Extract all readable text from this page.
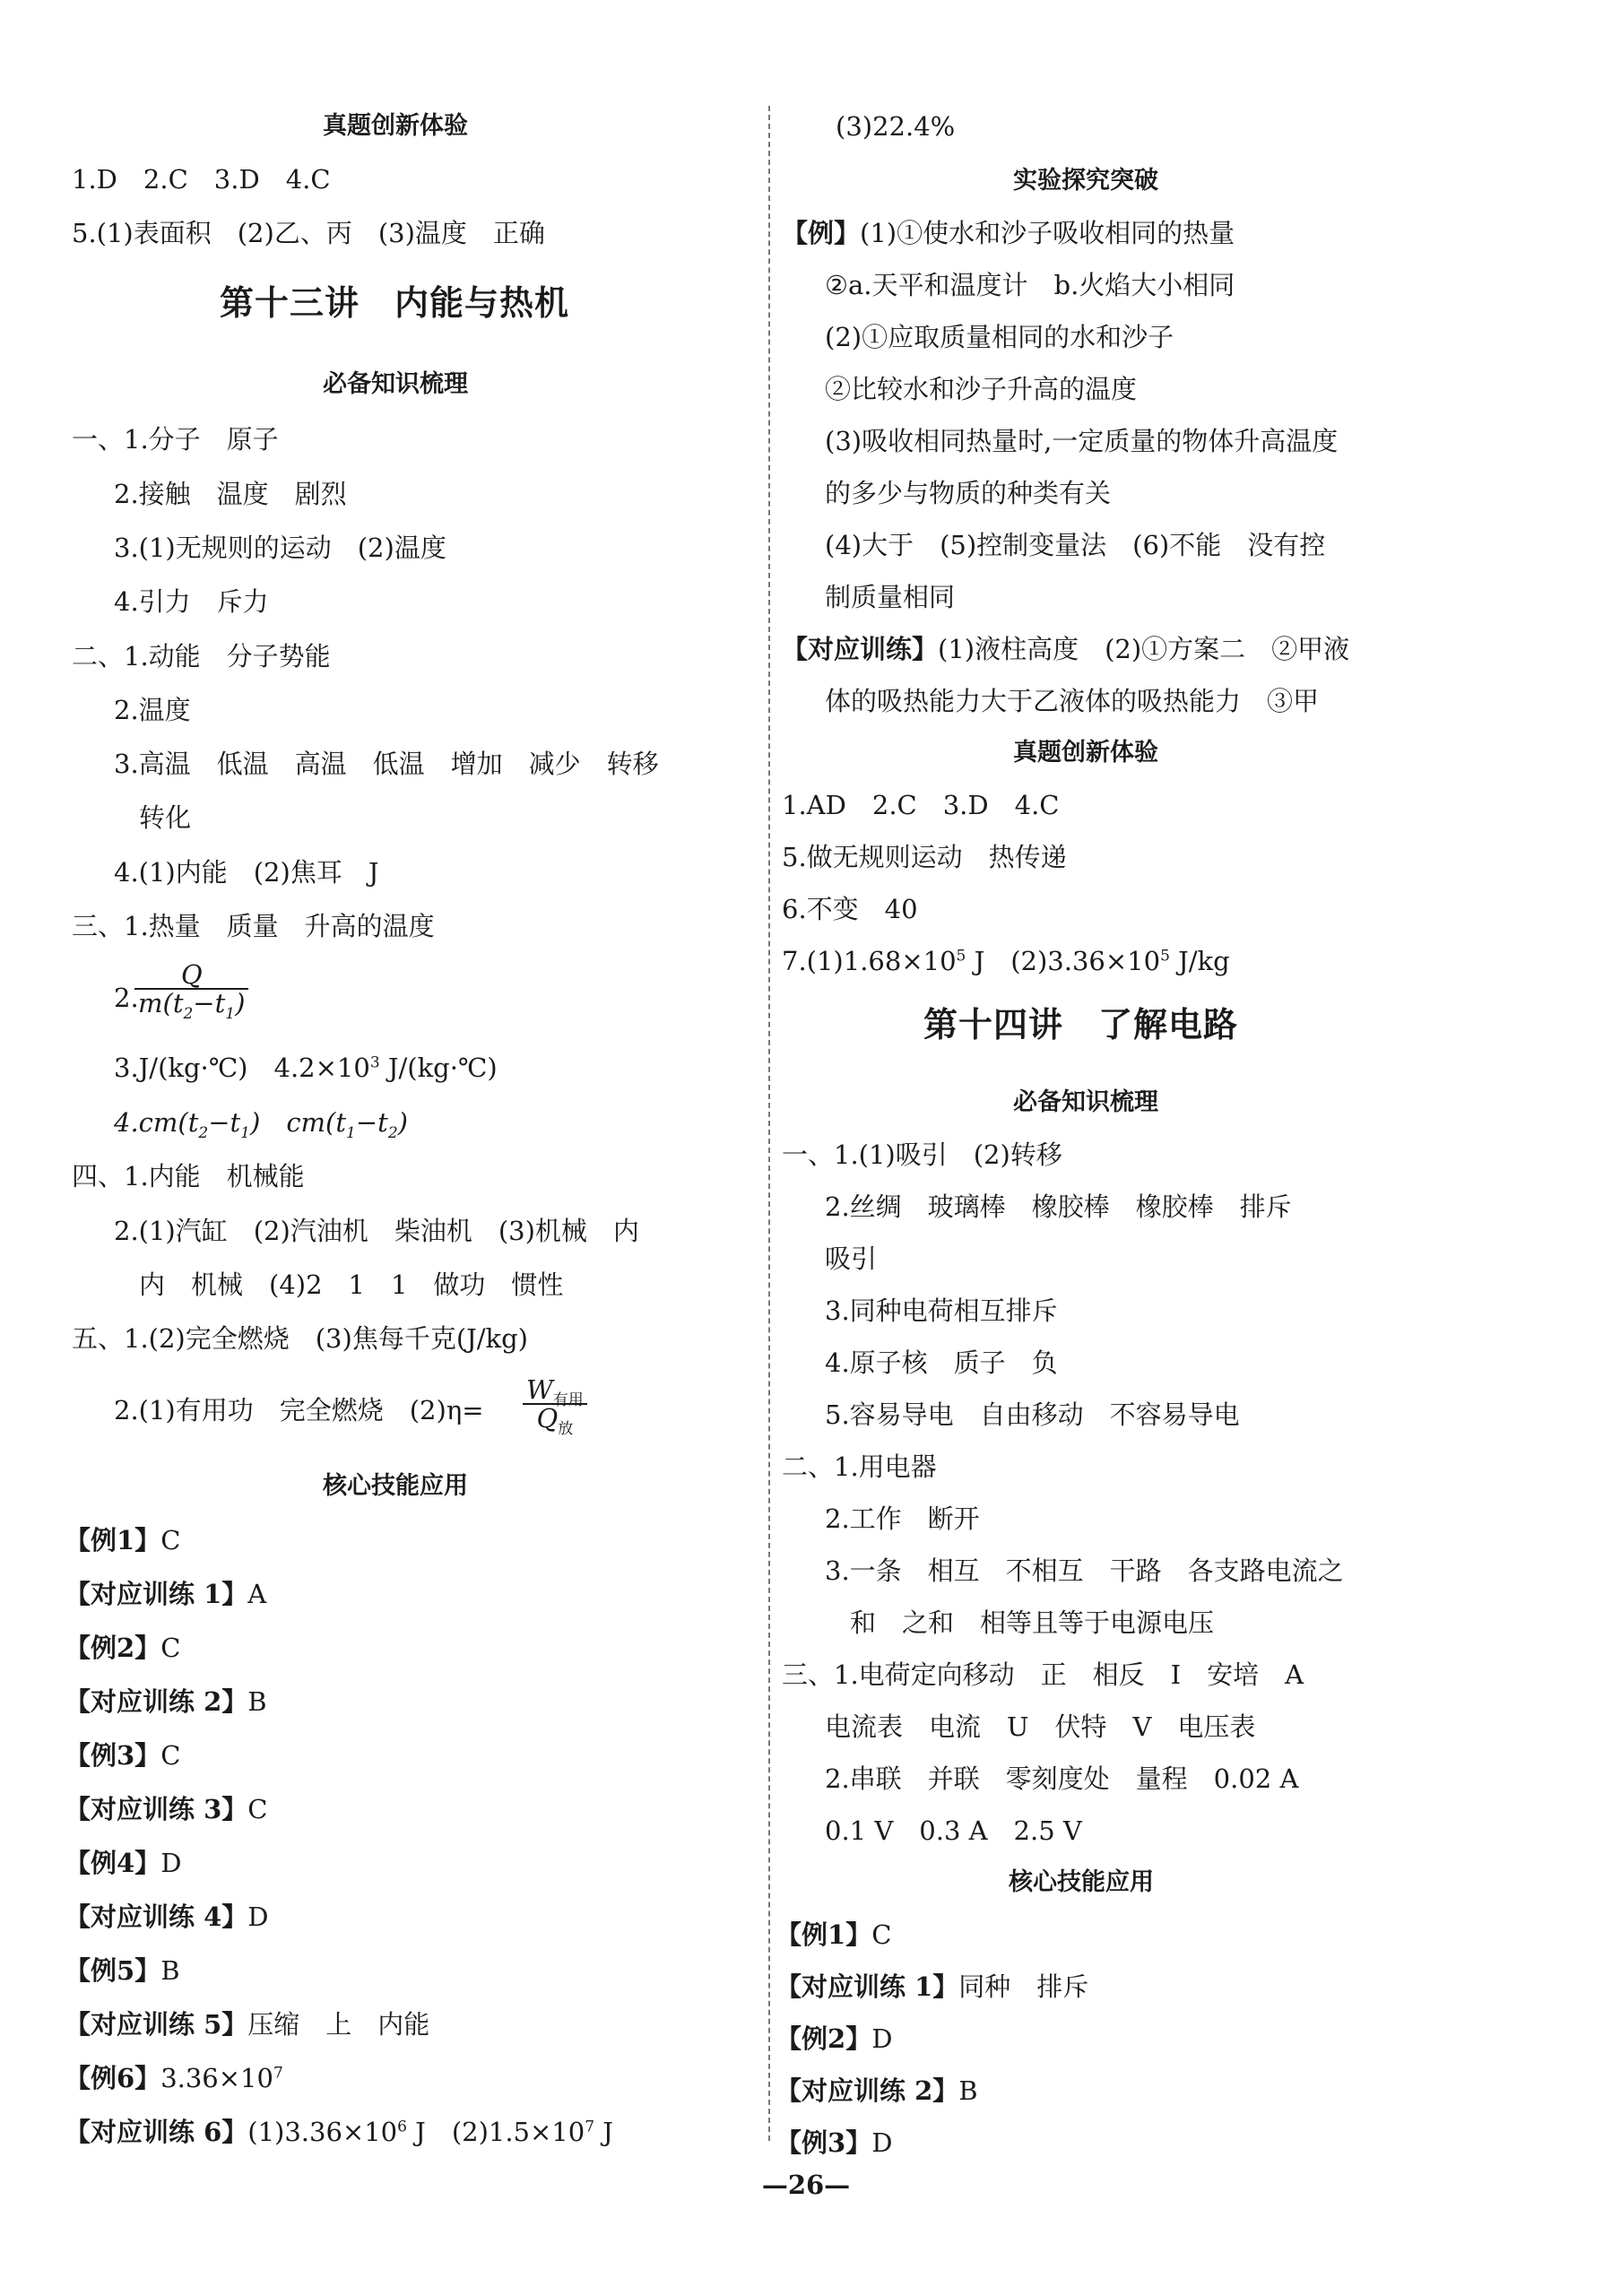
真题创新体验
1.D　2.C　3.D　4.C
5.(1)表面积　(2)乙、丙　(3)温度　正确
第十三讲　内能与热机
必备知识梳理
一、1.分子　原子
2.接触　温度　剧烈
3.(1)无规则的运动　(2)温度
4.引力　斥力
二、1.动能　分子势能
2.温度
3.高温　低温　高温　低温　增加　减少　转移
转化
4.(1)内能　(2)焦耳　J
三、1.热量　质量　升高的温度
2.
$\frac{Q}{m(t_2-t_1)}$
3.J/(kg·℃)　$4.2\times 10^3$ J/(kg·℃)
$4.cm(t_2-t_1)$　$cm(t_1-t_2)$
四、1.内能　机械能
2.(1)汽缸　(2)汽油机　柴油机　(3)机械　内
内　机械　(4)2　1　1　做功　惯性
五、1.(2)完全燃烧　(3)焦每千克(J/kg)
2.(1)有用功　完全燃烧　(2)η=
$W_{有用}$
$Q_放$
核心技能应用
【例1】C
【对应训练 1】A
【例2】C
【对应训练 2】B
【例3】C
【对应训练 3】C
【例4】D
【对应训练 4】D
【例5】B
【对应训练 5】压缩　上　内能
【例6】$3.36\times 10^7$
【对应训练 6】$(1)3.36\times 10^6$ J　$(2)1.5\times 10^7$ J
(3)22.4%
实验探究突破
【例】(1)①使水和沙子吸收相同的热量
②a.天平和温度计　b.火焰大小相同
(2)①应取质量相同的水和沙子
②比较水和沙子升高的温度
(3)吸收相同热量时,一定质量的物体升高温度
的多少与物质的种类有关
(4)大于　(5)控制变量法　(6)不能　没有控
制质量相同
【对应训练】(1)液柱高度　(2)①方案二　②甲液
体的吸热能力大于乙液体的吸热能力　③甲
真题创新体验
1.AD　2.C　3.D　4.C
5.做无规则运动　热传递
6.不变　40
$7.(1)1.68\times 10^5$ J　$(2)3.36\times 10^5$ J/kg
第十四讲　了解电路
必备知识梳理
一、1.(1)吸引　(2)转移
2.丝绸　玻璃棒　橡胶棒　橡胶棒　排斥
吸引
3.同种电荷相互排斥
4.原子核　质子　负
5.容易导电　自由移动　不容易导电
二、1.用电器
2.工作　断开
3.一条　相互　不相互　干路　各支路电流之
和　之和　相等且等于电源电压
三、1.电荷定向移动　正　相反　I　安培　A
电流表　电流　U　伏特　V　电压表
2.串联　并联　零刻度处　量程　0.02 A
0.1 V　0.3 A　2.5 V
核心技能应用
【例1】C
【对应训练 1】同种　排斥
【例2】D
【对应训练 2】B
【例3】D
—26—
